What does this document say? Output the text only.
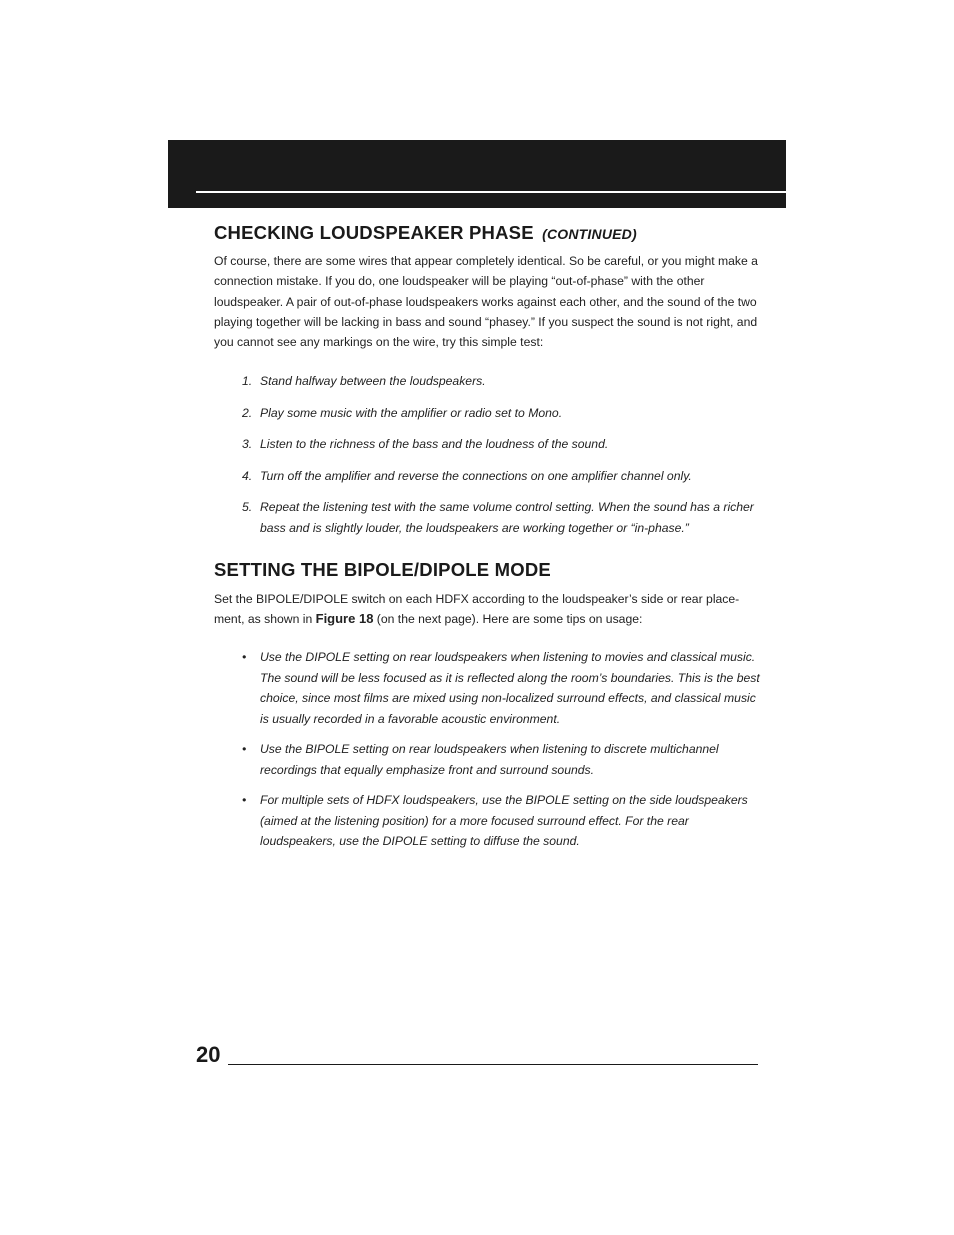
CHECKING LOUDSPEAKER PHASE (CONTINUED)

Of course, there are some wires that appear completely identical. So be careful, or you might make a connection mistake. If you do, one loudspeaker will be playing “out-of-phase” with the other loudspeaker. A pair of out-of-phase loudspeakers works against each other, and the sound of the two playing together will be lacking in bass and sound “phasey.” If you suspect the sound is not right, and you cannot see any markings on the wire, try this simple test:

1. Stand halfway between the loudspeakers.
2. Play some music with the amplifier or radio set to Mono.
3. Listen to the richness of the bass and the loudness of the sound.
4. Turn off the amplifier and reverse the connections on one amplifier channel only.
5. Repeat the listening test with the same volume control setting. When the sound has a richer bass and is slightly louder, the loudspeakers are working together or “in-phase.”
SETTING THE BIPOLE/DIPOLE MODE

Set the BIPOLE/DIPOLE switch on each HDFX according to the loudspeaker’s side or rear place-ment, as shown in Figure 18 (on the next page). Here are some tips on usage:

• Use the DIPOLE setting on rear loudspeakers when listening to movies and classical music. The sound will be less focused as it is reflected along the room’s boundaries. This is the best choice, since most films are mixed using non-localized surround effects, and classical music is usually recorded in a favorable acoustic environment.
• Use the BIPOLE setting on rear loudspeakers when listening to discrete multichannel recordings that equally emphasize front and surround sounds.
• For multiple sets of HDFX loudspeakers, use the BIPOLE setting on the side loudspeakers (aimed at the listening position) for a more focused surround effect. For the rear loudspeakers, use the DIPOLE setting to diffuse the sound.
20
